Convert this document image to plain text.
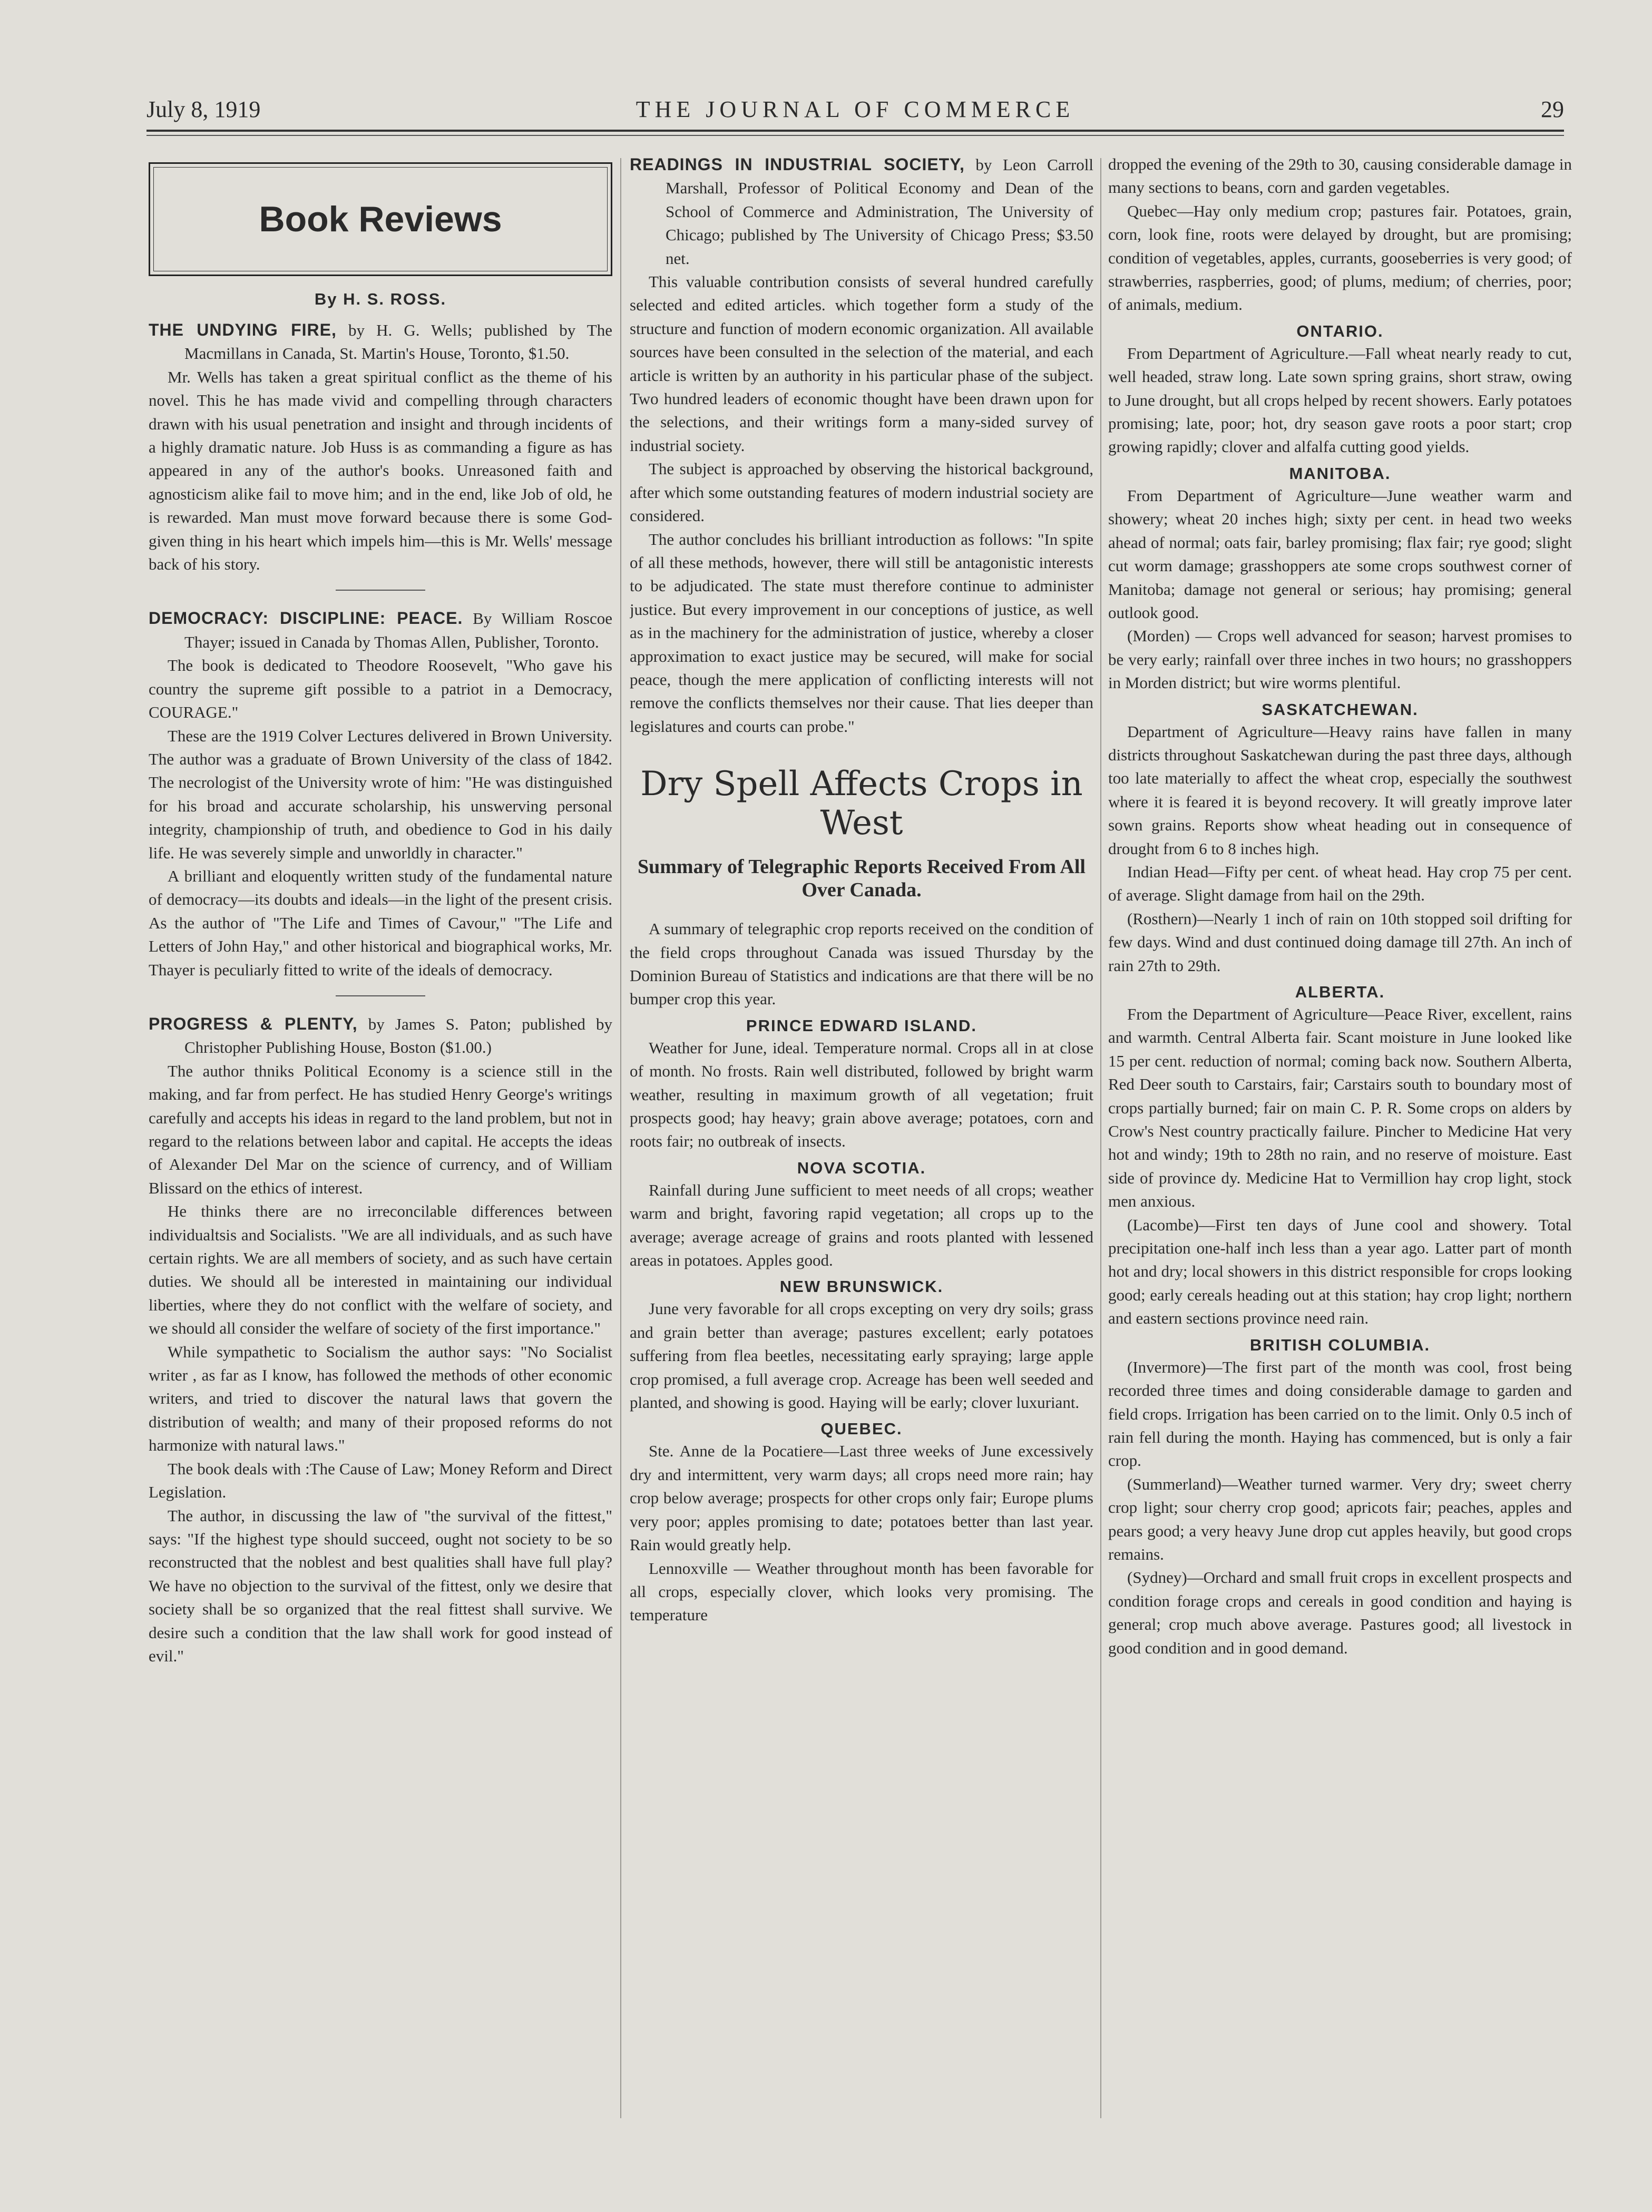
July 8, 1919	THE JOURNAL OF COMMERCE	29
Book Reviews
By H. S. ROSS.
THE UNDYING FIRE, by H. G. Wells; published by The Macmillans in Canada, St. Martin's House, Toronto, $1.50.

Mr. Wells has taken a great spiritual conflict as the theme of his novel. This he has made vivid and compelling through characters drawn with his usual penetration and insight and through incidents of a highly dramatic nature. Job Huss is as commanding a figure as has appeared in any of the author's books. Unreasoned faith and agnosticism alike fail to move him; and in the end, like Job of old, he is rewarded. Man must move forward because there is some God-given thing in his heart which impels him—this is Mr. Wells' message back of his story.

DEMOCRACY: DISCIPLINE: PEACE. By William Roscoe Thayer; issued in Canada by Thomas Allen, Publisher, Toronto.

The book is dedicated to Theodore Roosevelt, "Who gave his country the supreme gift possible to a patriot in a Democracy, COURAGE."

These are the 1919 Colver Lectures delivered in Brown University. The author was a graduate of Brown University of the class of 1842. The necrologist of the University wrote of him: "He was distinguished for his broad and accurate scholarship, his unswerving personal integrity, championship of truth, and obedience to God in his daily life. He was severely simple and unworldly in character."

A brilliant and eloquently written study of the fundamental nature of democracy—its doubts and ideals—in the light of the present crisis. As the author of "The Life and Times of Cavour," "The Life and Letters of John Hay," and other historical and biographical works, Mr. Thayer is peculiarly fitted to write of the ideals of democracy.

PROGRESS & PLENTY, by James S. Paton; published by Christopher Publishing House, Boston ($1.00.)

The author thniks Political Economy is a science still in the making, and far from perfect. He has studied Henry George's writings carefully and accepts his ideas in regard to the land problem, but not in regard to the relations between labor and capital. He accepts the ideas of Alexander Del Mar on the science of currency, and of William Blissard on the ethics of interest.

He thinks there are no irreconcilable differences between individualtsis and Socialists. "We are all individuals, and as such have certain rights. We are all members of society, and as such have certain duties. We should all be interested in maintaining our individual liberties, where they do not conflict with the welfare of society, and we should all consider the welfare of society of the first importance."

While sympathetic to Socialism the author says: "No Socialist writer , as far as I know, has followed the methods of other economic writers, and tried to discover the natural laws that govern the distribution of wealth; and many of their proposed reforms do not harmonize with natural laws."

The book deals with :The Cause of Law; Money Reform and Direct Legislation.

The author, in discussing the law of "the survival of the fittest," says: "If the highest type should succeed, ought not society to be so reconstructed that the noblest and best qualities shall have full play? We have no objection to the survival of the fittest, only we desire that society shall be so organized that the real fittest shall survive. We desire such a condition that the law shall work for good instead of evil."

READINGS IN INDUSTRIAL SOCIETY, by Leon Carroll Marshall, Professor of Political Economy and Dean of the School of Commerce and Administration, The University of Chicago; published by The University of Chicago Press; $3.50 net.

This valuable contribution consists of several hundred carefully selected and edited articles. which together form a study of the structure and function of modern economic organization. All available sources have been consulted in the selection of the material, and each article is written by an authority in his particular phase of the subject. Two hundred leaders of economic thought have been drawn upon for the selections, and their writings form a many-sided survey of industrial society.

The subject is approached by observing the historical background, after which some outstanding features of modern industrial society are considered.

The author concludes his brilliant introduction as follows: "In spite of all these methods, however, there will still be antagonistic interests to be adjudicated. The state must therefore continue to administer justice. But every improvement in our conceptions of justice, as well as in the machinery for the administration of justice, whereby a closer approximation to exact justice may be secured, will make for social peace, though the mere application of conflicting interests will not remove the conflicts themselves nor their cause. That lies deeper than legislatures and courts can probe."

Dry Spell Affects Crops in West
Summary of Telegraphic Reports Received From All Over Canada.

A summary of telegraphic crop reports received on the condition of the field crops throughout Canada was issued Thursday by the Dominion Bureau of Statistics and indications are that there will be no bumper crop this year.

PRINCE EDWARD ISLAND.

Weather for June, ideal. Temperature normal. Crops all in at close of month. No frosts. Rain well distributed, followed by bright warm weather, resulting in maximum growth of all vegetation; fruit prospects good; hay heavy; grain above average; potatoes, corn and roots fair; no outbreak of insects.

NOVA SCOTIA.

Rainfall during June sufficient to meet needs of all crops; weather warm and bright, favoring rapid vegetation; all crops up to the average; average acreage of grains and roots planted with lessened areas in potatoes. Apples good.

NEW BRUNSWICK.

June very favorable for all crops excepting on very dry soils; grass and grain better than average; pastures excellent; early potatoes suffering from flea beetles, necessitating early spraying; large apple crop promised, a full average crop. Acreage has been well seeded and planted, and showing is good. Haying will be early; clover luxuriant.

QUEBEC.

Ste. Anne de la Pocatiere—Last three weeks of June excessively dry and intermittent, very warm days; all crops need more rain; hay crop below average; prospects for other crops only fair; Europe plums very poor; apples promising to date; potatoes better than last year. Rain would greatly help.

Lennoxville — Weather throughout month has been favorable for all crops, especially clover, which looks very promising. The temperature

dropped the evening of the 29th to 30, causing considerable damage in many sections to beans, corn and garden vegetables.

Quebec—Hay only medium crop; pastures fair. Potatoes, grain, corn, look fine, roots were delayed by drought, but are promising; condition of vegetables, apples, currants, gooseberries is very good; of strawberries, raspberries, good; of plums, medium; of cherries, poor; of animals, medium.

ONTARIO.

From Department of Agriculture.—Fall wheat nearly ready to cut, well headed, straw long. Late sown spring grains, short straw, owing to June drought, but all crops helped by recent showers. Early potatoes promising; late, poor; hot, dry season gave roots a poor start; crop growing rapidly; clover and alfalfa cutting good yields.

MANITOBA.

From Department of Agriculture—June weather warm and showery; wheat 20 inches high; sixty per cent. in head two weeks ahead of normal; oats fair, barley promising; flax fair; rye good; slight cut worm damage; grasshoppers ate some crops southwest corner of Manitoba; damage not general or serious; hay promising; general outlook good.

(Morden) — Crops well advanced for season; harvest promises to be very early; rainfall over three inches in two hours; no grasshoppers in Morden district; but wire worms plentiful.

SASKATCHEWAN.

Department of Agriculture—Heavy rains have fallen in many districts throughout Saskatchewan during the past three days, although too late materially to affect the wheat crop, especially the southwest where it is feared it is beyond recovery. It will greatly improve later sown grains. Reports show wheat heading out in consequence of drought from 6 to 8 inches high.

Indian Head—Fifty per cent. of wheat head. Hay crop 75 per cent. of average. Slight damage from hail on the 29th.

(Rosthern)—Nearly 1 inch of rain on 10th stopped soil drifting for few days. Wind and dust continued doing damage till 27th. An inch of rain 27th to 29th.

ALBERTA.

From the Department of Agriculture—Peace River, excellent, rains and warmth. Central Alberta fair. Scant moisture in June looked like 15 per cent. reduction of normal; coming back now. Southern Alberta, Red Deer south to Carstairs, fair; Carstairs south to boundary most of crops partially burned; fair on main C. P. R. Some crops on alders by Crow's Nest country practically failure. Pincher to Medicine Hat very hot and windy; 19th to 28th no rain, and no reserve of moisture. East side of province dy. Medicine Hat to Vermillion hay crop light, stock men anxious.

(Lacombe)—First ten days of June cool and showery. Total precipitation one-half inch less than a year ago. Latter part of month hot and dry; local showers in this district responsible for crops looking good; early cereals heading out at this station; hay crop light; northern and eastern sections province need rain.

BRITISH COLUMBIA.

(Invermore)—The first part of the month was cool, frost being recorded three times and doing considerable damage to garden and field crops. Irrigation has been carried on to the limit. Only 0.5 inch of rain fell during the month. Haying has commenced, but is only a fair crop.

(Summerland)—Weather turned warmer. Very dry; sweet cherry crop light; sour cherry crop good; apricots fair; peaches, apples and pears good; a very heavy June drop cut apples heavily, but good crops remains.

(Sydney)—Orchard and small fruit crops in excellent prospects and condition forage crops and cereals in good condition and haying is general; crop much above average. Pastures good; all livestock in good condition and in good demand.
